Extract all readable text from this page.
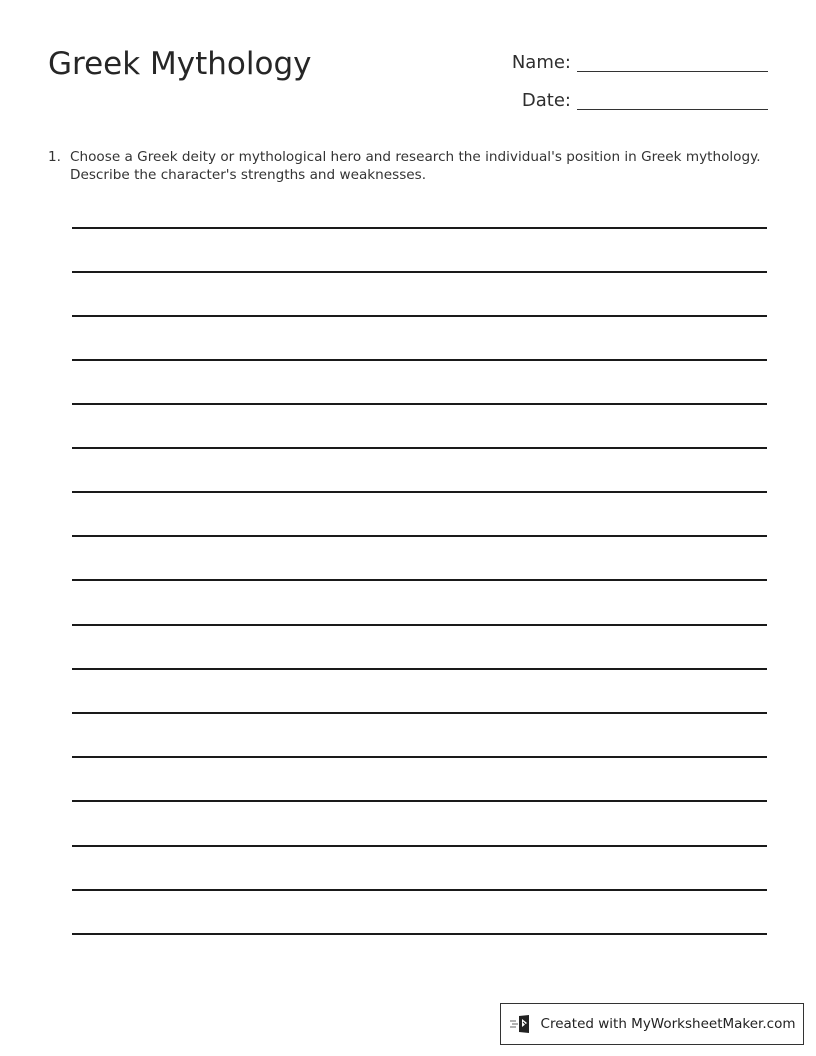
Greek Mythology	Name:
Date:
1. Choose a Greek deity or mythological hero and research the individual's position in Greek mythology. Describe the character's strengths and weaknesses.
Created with MyWorksheetMaker.com
